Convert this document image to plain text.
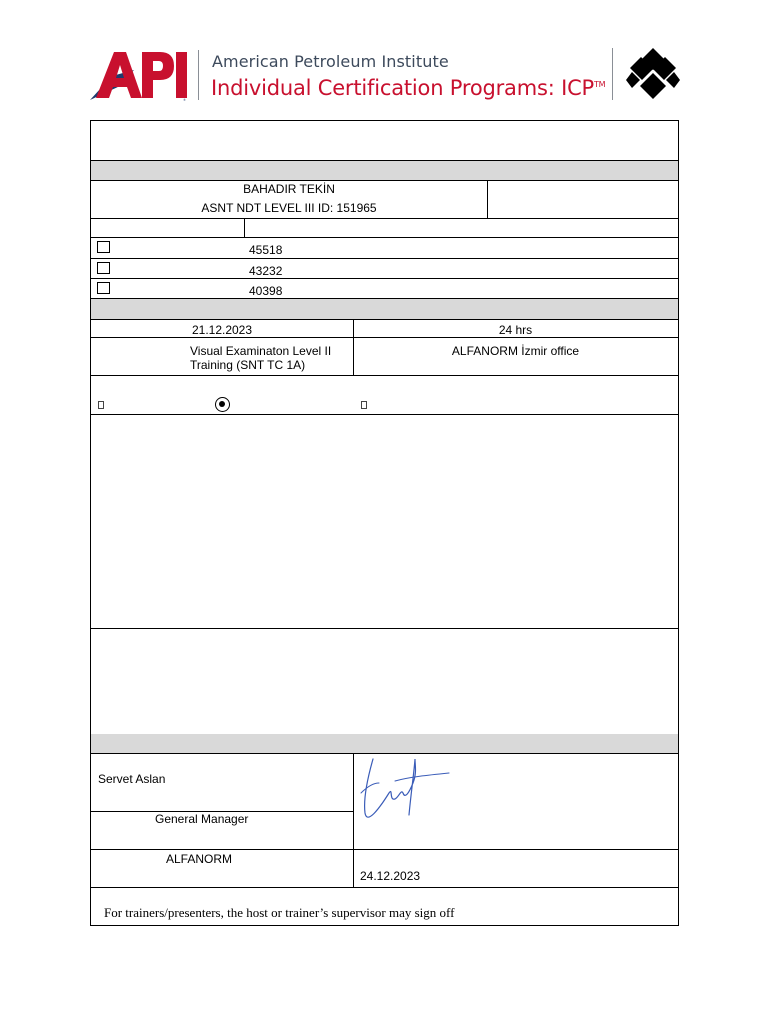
®
American Petroleum Institute
Individual Certification Programs: ICP™
BAHADIR TEKİN
ASNT NDT LEVEL III ID: 151965
45518
43232
40398
21.12.2023	24 hrs
Visual Examinaton Level II
Training (SNT TC 1A)
ALFANORM İzmir office
Servet Aslan
General Manager
ALFANORM
24.12.2023
For trainers/presenters, the host or trainer’s supervisor may sign off
